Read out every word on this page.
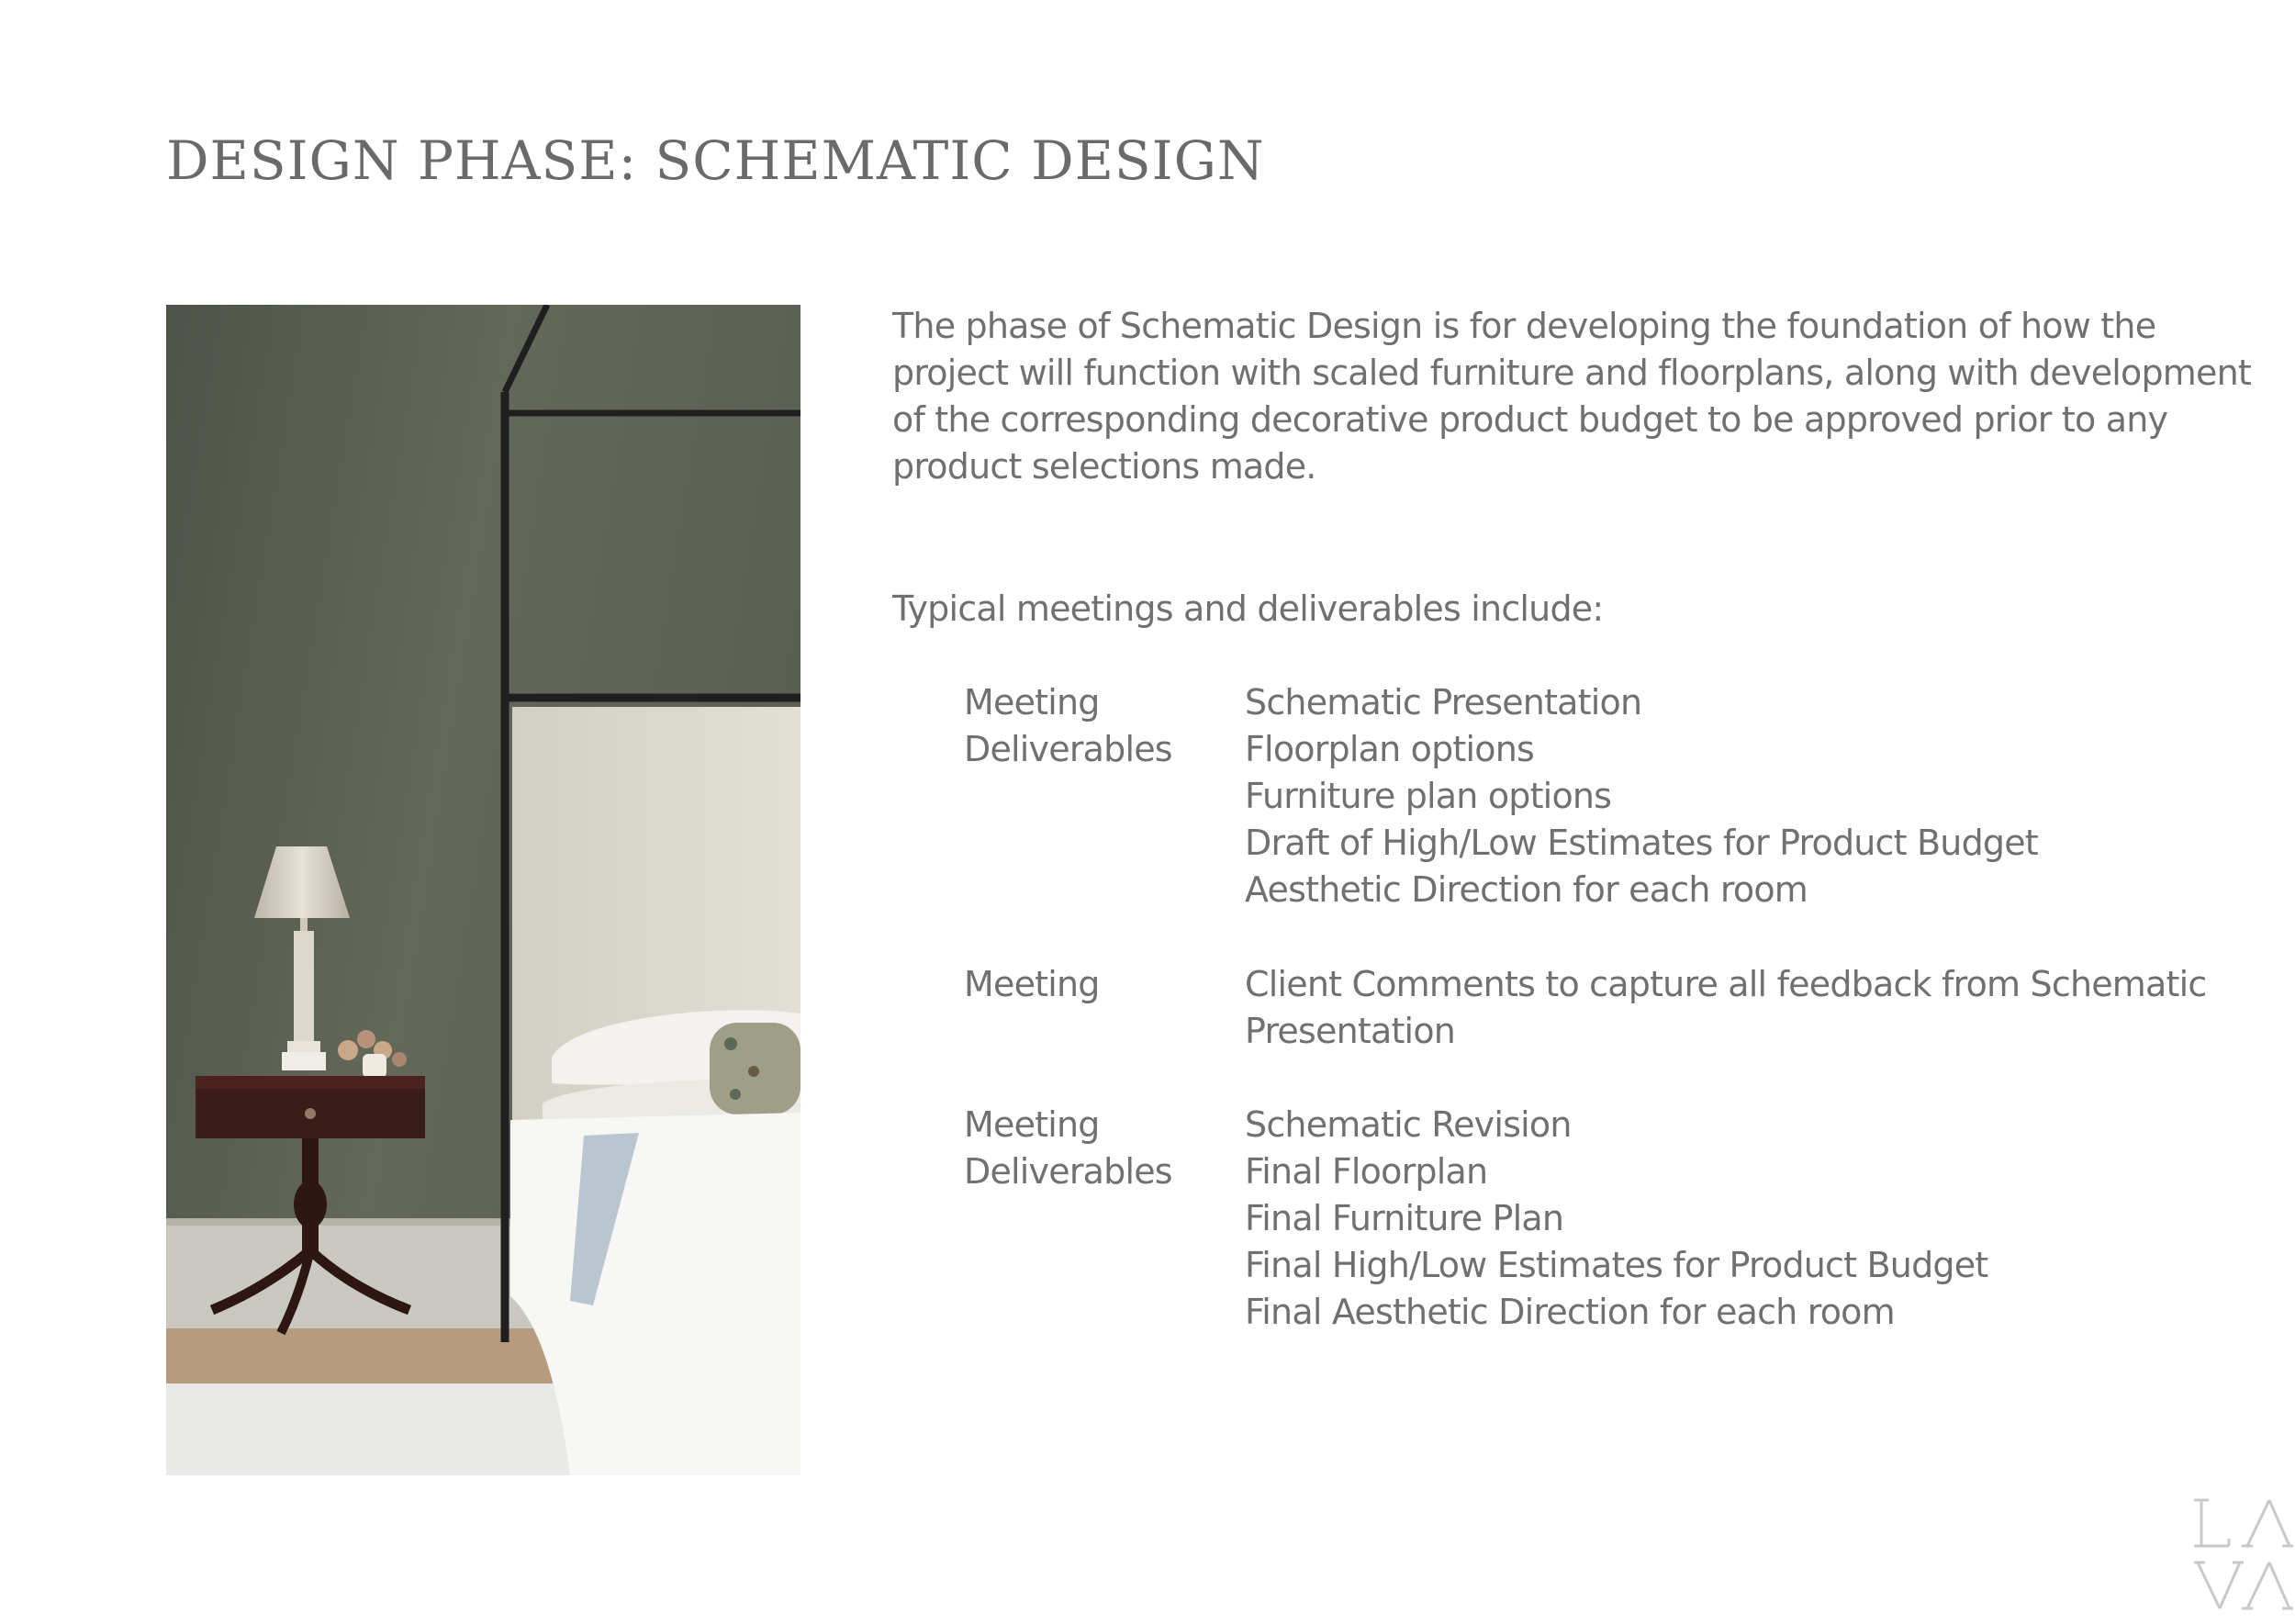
DESIGN PHASE: SCHEMATIC DESIGN

The phase of Schematic Design is for developing the foundation of how the project will function with scaled furniture and floorplans, along with development of the corresponding decorative product budget to be approved prior to any product selections made.

Typical meetings and deliverables include:

Meeting
Deliverables
Schematic Presentation
Floorplan options
Furniture plan options
Draft of High/Low Estimates for Product Budget
Aesthetic Direction for each room
Meeting	Client Comments to capture all feedback from Schematic Presentation
Meeting
Deliverables
Schematic Revision
Final Floorplan
Final Furniture Plan
Final High/Low Estimates for Product Budget
Final Aesthetic Direction for each room
